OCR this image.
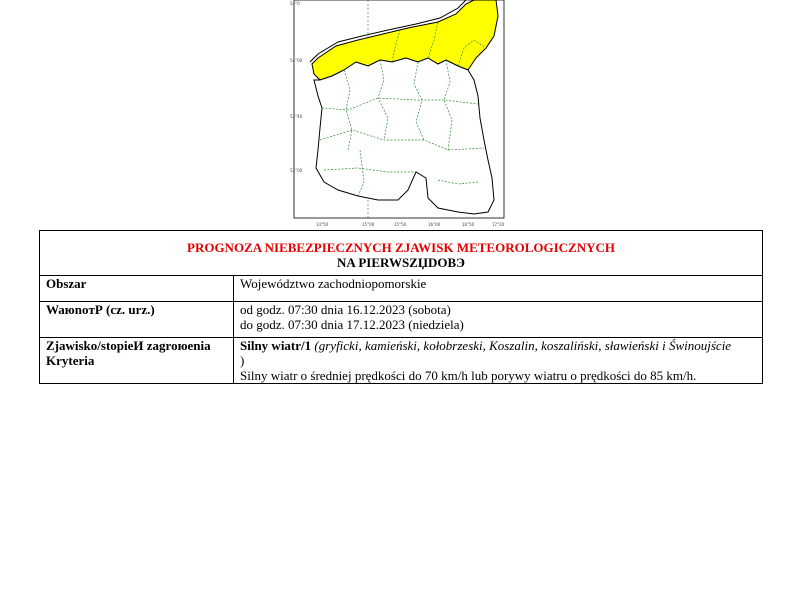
54°0
54°00
53°40
53°00
14°50	15°00	15°50	16°00	16°50	17°20
PROGNOZA NIEBEZPIECZNYCH ZJAWISK METEOROLOGICZNYCH
NA PIERWSZЏDOBЭ	

Obszar	Województwo zachodniopomorskie
WaюnoтР (cz. urz.)	od godz. 07:30 dnia 16.12.2023 (sobota)
do godz. 07:30 dnia 17.12.2023 (niedziela)

Zjawisko/stopieИ zagroюenia
Kryteria	Silny wiatr/1 (gryficki, kamieński, kołobrzeski, Koszalin, koszaliński, sławieński i Świnoujście
)
Silny wiatr o średniej prędkości do 70 km/h lub porywy wiatru o prędkości do 85 km/h.
